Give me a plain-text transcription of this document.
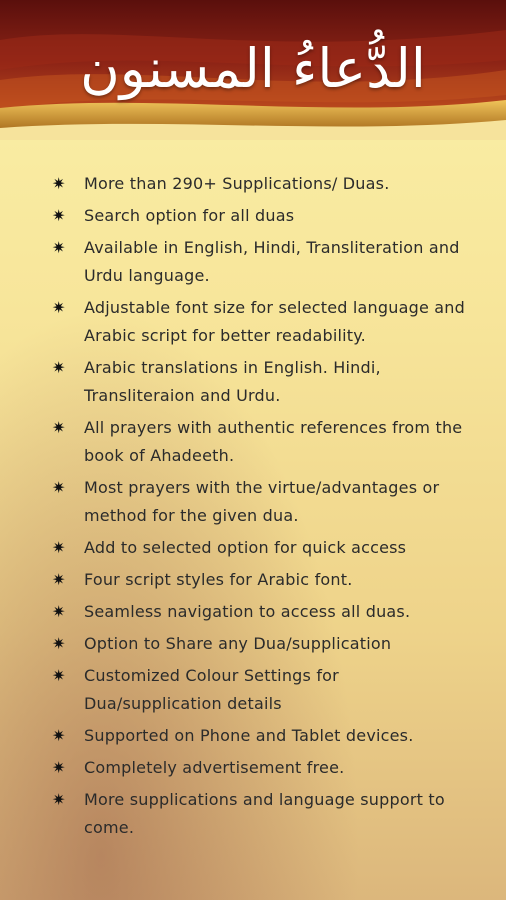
الدُّعاءُ المسنون
✷	More than 290+ Supplications/ Duas.
✷	Search option for all duas
✷	Available in English, Hindi, Transliteration and Urdu language.
✷	Adjustable font size for selected language and Arabic script for better readability.
✷	Arabic translations in English. Hindi, Transliteraion and Urdu.
✷	All prayers with authentic references from the book of Ahadeeth.
✷	Most prayers with the virtue/advantages or method for the given dua.
✷	Add to selected option for quick access
✷	Four script styles for Arabic font.
✷	Seamless navigation to access all duas.
✷	Option to Share any Dua/supplication
✷	Customized Colour Settings for Dua/supplication details
✷	Supported on Phone and Tablet devices.
✷	Completely advertisement free.
✷	More supplications and language support to come.
